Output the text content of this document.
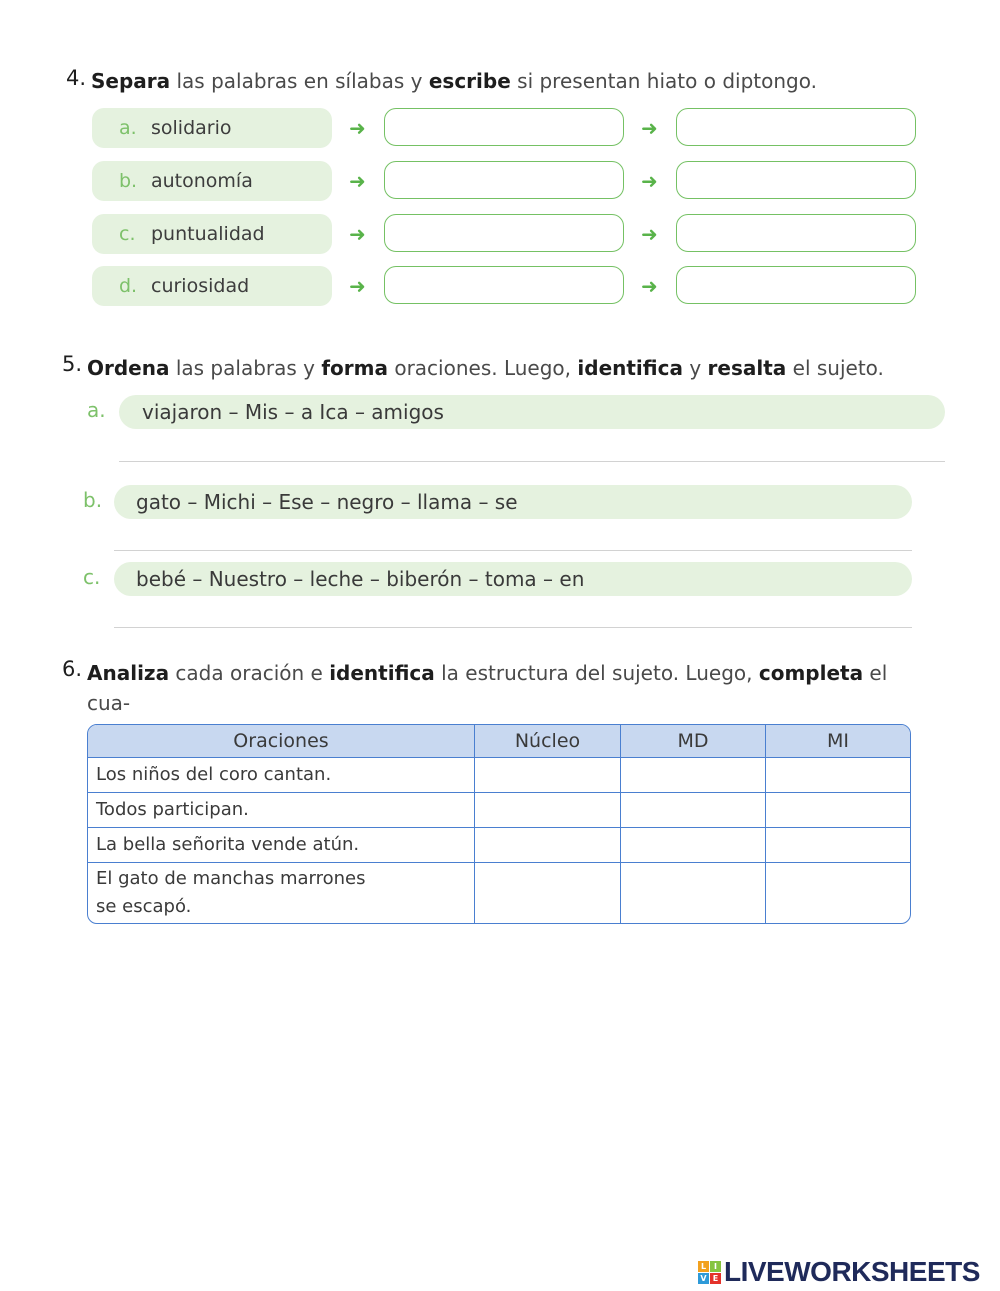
4. Separa las palabras en sílabas y escribe si presentan hiato o diptongo.
a. solidario	➜	➜
b. autonomía	➜	➜
c. puntualidad	➜	➜
d. curiosidad	➜	➜
5. Ordena las palabras y forma oraciones. Luego, identifica y resalta el sujeto.
a. viajaron – Mis – a Ica – amigos
b. gato – Michi – Ese – negro – llama – se
c. bebé – Nuestro – leche – biberón – toma – en
6. Analiza cada oración e identifica la estructura del sujeto. Luego, completa el cua-
Oraciones	Núcleo	MD	MI
Los niños del coro cantan.			
Todos participan.			
La bella señorita vende atún.			

El gato de manchas marrones
se escapó.

L I
V E LIVEWORKSHEETS
